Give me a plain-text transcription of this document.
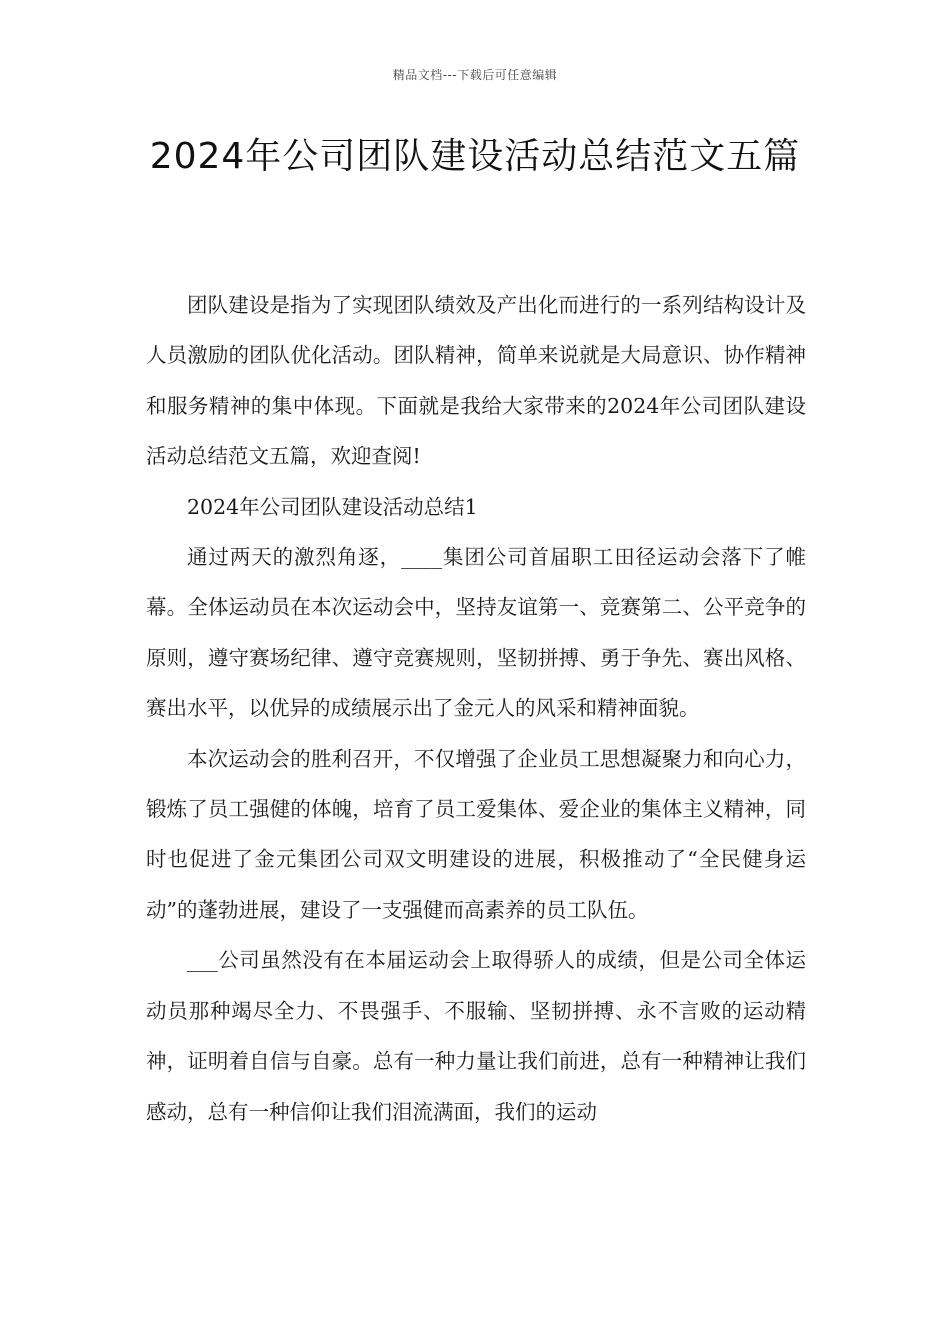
精品文档---下载后可任意编辑
2024年公司团队建设活动总结范文五篇

团队建设是指为了实现团队绩效及产出化而进行的一系列结构设计及人员激励的团队优化活动。团队精神，简单来说就是大局意识、协作精神和服务精神的集中体现。下面就是我给大家带来的2024年公司团队建设活动总结范文五篇，欢迎查阅!

2024年公司团队建设活动总结1

通过两天的激烈角逐，____集团公司首届职工田径运动会落下了帷幕。全体运动员在本次运动会中，坚持友谊第一、竞赛第二、公平竞争的原则，遵守赛场纪律、遵守竞赛规则，坚韧拼搏、勇于争先、赛出风格、赛出水平，以优异的成绩展示出了金元人的风采和精神面貌。

本次运动会的胜利召开，不仅增强了企业员工思想凝聚力和向心力，锻炼了员工强健的体魄，培育了员工爱集体、爱企业的集体主义精神，同时也促进了金元集团公司双文明建设的进展，积极推动了“全民健身运动”的蓬勃进展，建设了一支强健而高素养的员工队伍。

___公司虽然没有在本届运动会上取得骄人的成绩，但是公司全体运动员那种竭尽全力、不畏强手、不服输、坚韧拼搏、永不言败的运动精神，证明着自信与自豪。总有一种力量让我们前进，总有一种精神让我们感动，总有一种信仰让我们泪流满面，我们的运动
